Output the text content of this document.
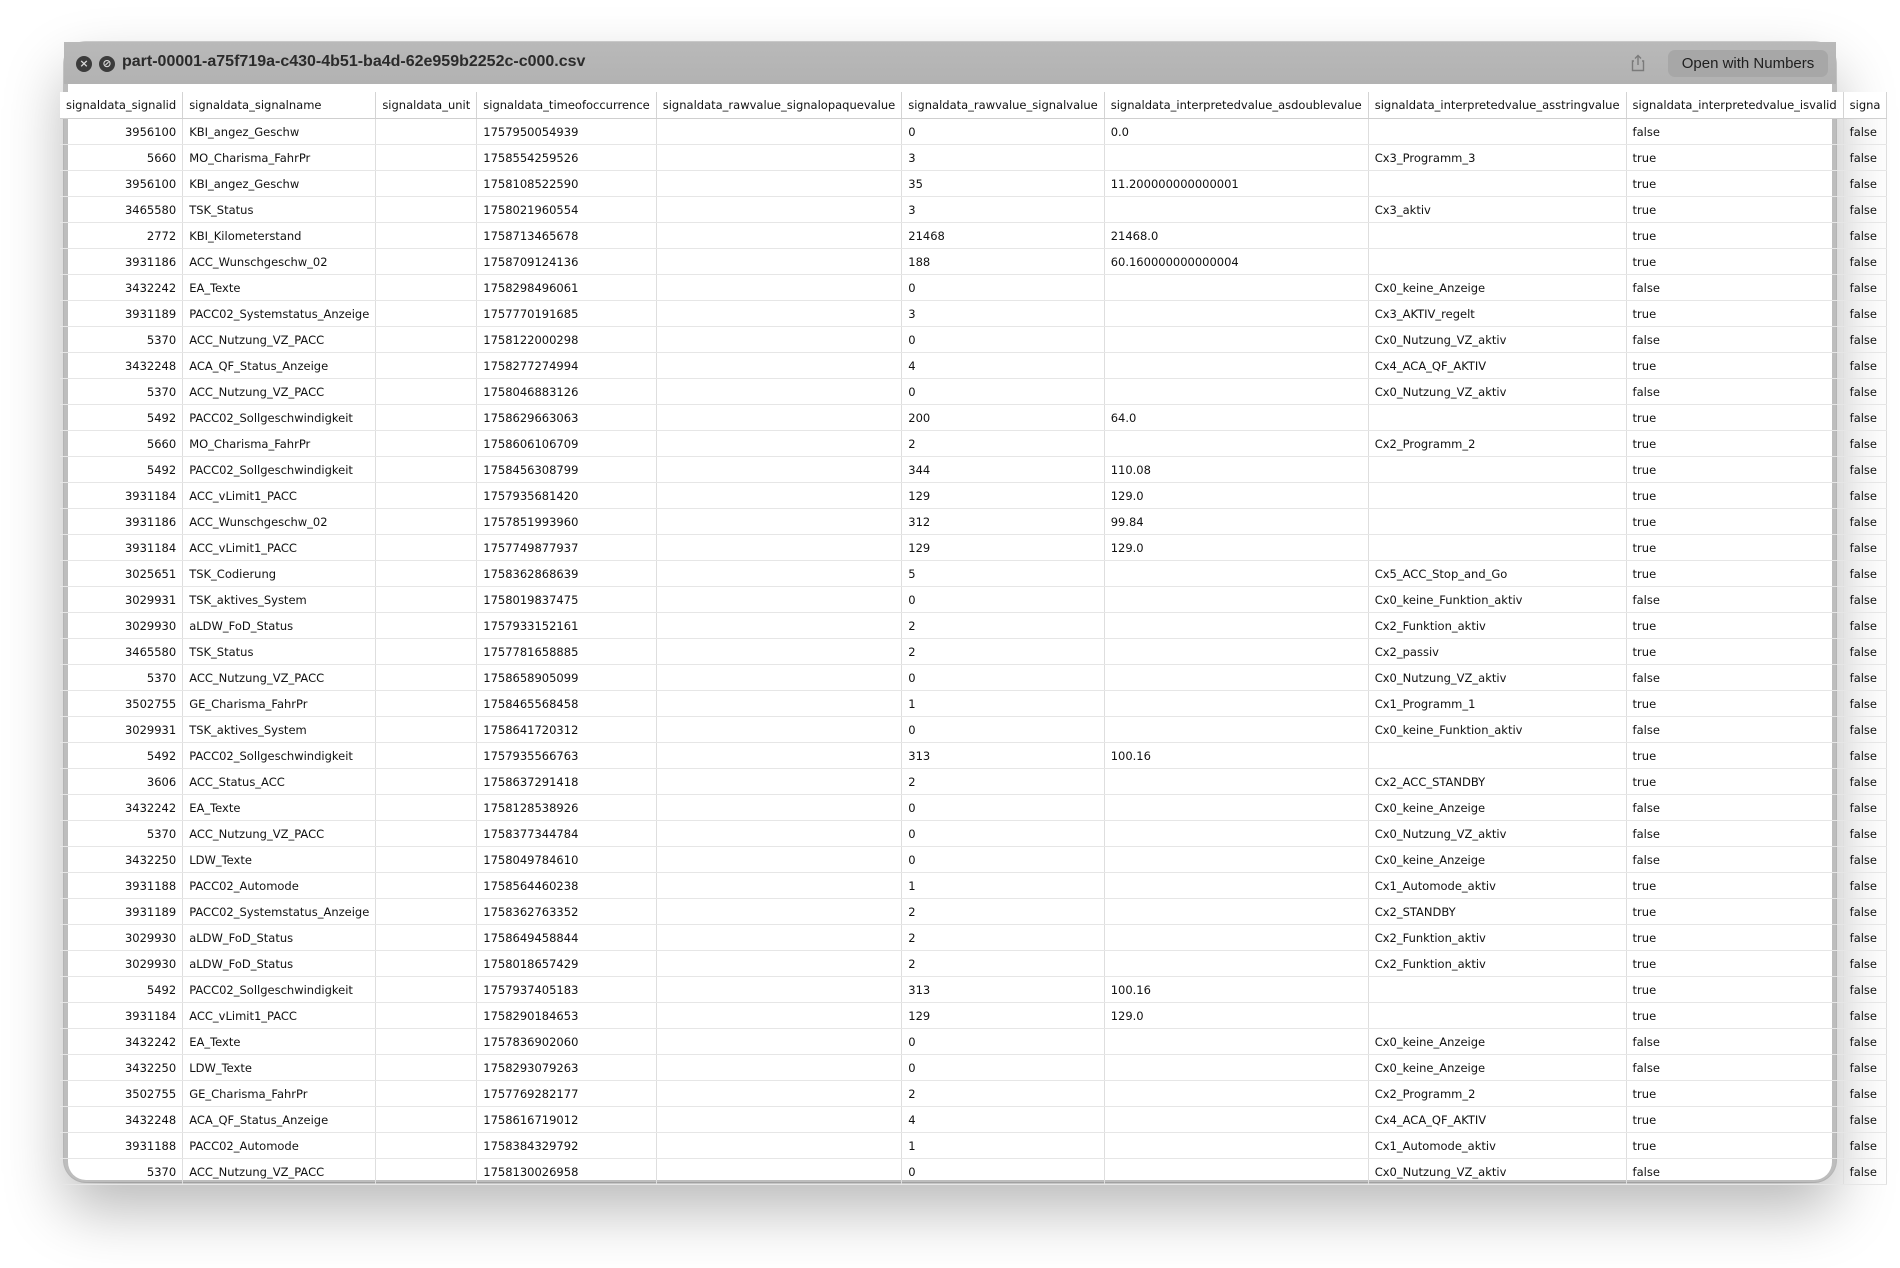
×	⊘ part-00001-a75f719a-c430-4b51-ba4d-62e959b2252c-c000.csv	Open with Numbers
signaldata_signalid	signaldata_signalname	signaldata_unit	signaldata_timeofoccurrence	signaldata_rawvalue_signalopaquevalue	signaldata_rawvalue_signalvalue	signaldata_interpretedvalue_asdoublevalue	signaldata_interpretedvalue_asstringvalue	signaldata_interpretedvalue_isvalid	signa
3956100	KBI_angez_Geschw		1757950054939		0	0.0		false	false
5660	MO_Charisma_FahrPr		1758554259526		3		Cx3_Programm_3	true	false
3956100	KBI_angez_Geschw		1758108522590		35	11.200000000000001		true	false
3465580	TSK_Status		1758021960554		3		Cx3_aktiv	true	false
2772	KBI_Kilometerstand		1758713465678		21468	21468.0		true	false
3931186	ACC_Wunschgeschw_02		1758709124136		188	60.160000000000004		true	false
3432242	EA_Texte		1758298496061		0		Cx0_keine_Anzeige	false	false
3931189	PACC02_Systemstatus_Anzeige		1757770191685		3		Cx3_AKTIV_regelt	true	false
5370	ACC_Nutzung_VZ_PACC		1758122000298		0		Cx0_Nutzung_VZ_aktiv	false	false
3432248	ACA_QF_Status_Anzeige		1758277274994		4		Cx4_ACA_QF_AKTIV	true	false
5370	ACC_Nutzung_VZ_PACC		1758046883126		0		Cx0_Nutzung_VZ_aktiv	false	false
5492	PACC02_Sollgeschwindigkeit		1758629663063		200	64.0		true	false
5660	MO_Charisma_FahrPr		1758606106709		2		Cx2_Programm_2	true	false
5492	PACC02_Sollgeschwindigkeit		1758456308799		344	110.08		true	false
3931184	ACC_vLimit1_PACC		1757935681420		129	129.0		true	false
3931186	ACC_Wunschgeschw_02		1757851993960		312	99.84		true	false
3931184	ACC_vLimit1_PACC		1757749877937		129	129.0		true	false
3025651	TSK_Codierung		1758362868639		5		Cx5_ACC_Stop_and_Go	true	false
3029931	TSK_aktives_System		1758019837475		0		Cx0_keine_Funktion_aktiv	false	false
3029930	aLDW_FoD_Status		1757933152161		2		Cx2_Funktion_aktiv	true	false
3465580	TSK_Status		1757781658885		2		Cx2_passiv	true	false
5370	ACC_Nutzung_VZ_PACC		1758658905099		0		Cx0_Nutzung_VZ_aktiv	false	false
3502755	GE_Charisma_FahrPr		1758465568458		1		Cx1_Programm_1	true	false
3029931	TSK_aktives_System		1758641720312		0		Cx0_keine_Funktion_aktiv	false	false
5492	PACC02_Sollgeschwindigkeit		1757935566763		313	100.16		true	false
3606	ACC_Status_ACC		1758637291418		2		Cx2_ACC_STANDBY	true	false
3432242	EA_Texte		1758128538926		0		Cx0_keine_Anzeige	false	false
5370	ACC_Nutzung_VZ_PACC		1758377344784		0		Cx0_Nutzung_VZ_aktiv	false	false
3432250	LDW_Texte		1758049784610		0		Cx0_keine_Anzeige	false	false
3931188	PACC02_Automode		1758564460238		1		Cx1_Automode_aktiv	true	false
3931189	PACC02_Systemstatus_Anzeige		1758362763352		2		Cx2_STANDBY	true	false
3029930	aLDW_FoD_Status		1758649458844		2		Cx2_Funktion_aktiv	true	false
3029930	aLDW_FoD_Status		1758018657429		2		Cx2_Funktion_aktiv	true	false
5492	PACC02_Sollgeschwindigkeit		1757937405183		313	100.16		true	false
3931184	ACC_vLimit1_PACC		1758290184653		129	129.0		true	false
3432242	EA_Texte		1757836902060		0		Cx0_keine_Anzeige	false	false
3432250	LDW_Texte		1758293079263		0		Cx0_keine_Anzeige	false	false
3502755	GE_Charisma_FahrPr		1757769282177		2		Cx2_Programm_2	true	false
3432248	ACA_QF_Status_Anzeige		1758616719012		4		Cx4_ACA_QF_AKTIV	true	false
3931188	PACC02_Automode		1758384329792		1		Cx1_Automode_aktiv	true	false
5370	ACC_Nutzung_VZ_PACC		1758130026958		0		Cx0_Nutzung_VZ_aktiv	false	false
